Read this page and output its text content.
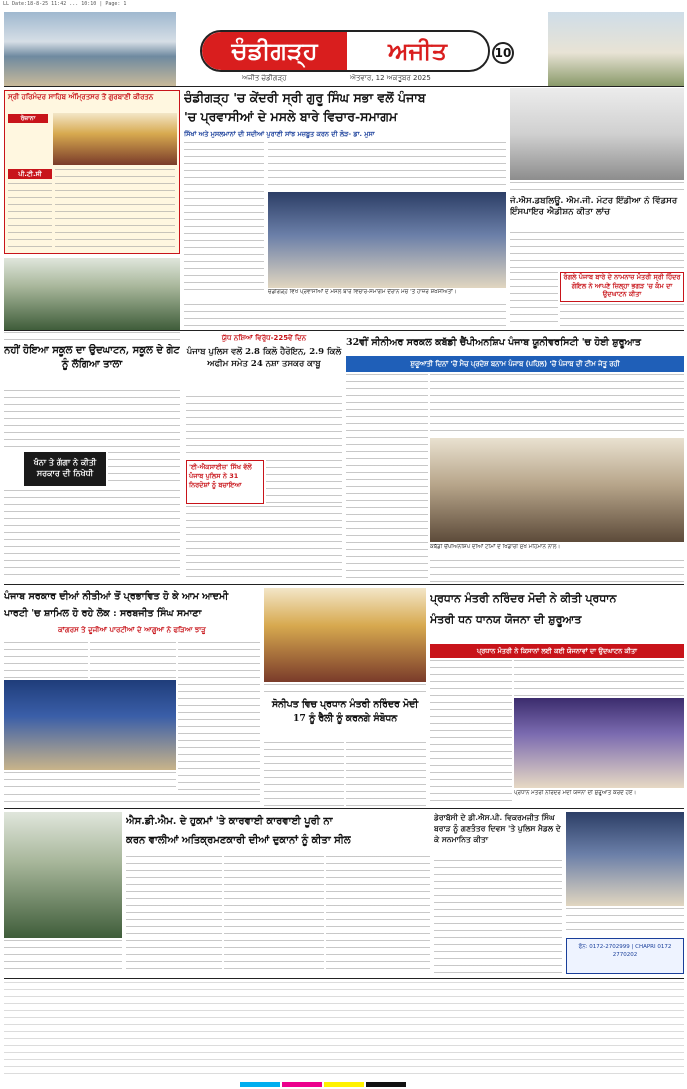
LL Date:18-8-25 11:42 ... 10:10 | Page: 1
ਚੰਡੀਗੜ੍ਹ	ਅਜੀਤ	10
ਅਜੀਤ ਚੰਡੀਗੜ੍ਹ	ਐਤਵਾਰ, 12 ਅਕਤੂਬਰ 2025
ਸ੍ਰੀ ਹਰਿਮੰਦਰ ਸਾਹਿਬ ਅੰਮ੍ਰਿਤਸਰ ਤੋਂ ਗੁਰਬਾਣੀ ਕੀਰਤਨ
ਰੋਜ਼ਾਨਾ
ਪੀ.ਟੀ.ਸੀ
ਚੰਡੀਗੜ੍ਹ 'ਚ ਕੇਂਦਰੀ ਸ੍ਰੀ ਗੁਰੂ ਸਿੰਘ ਸਭਾ ਵਲੋਂ ਪੰਜਾਬ
'ਚ ਪ੍ਰਵਾਸੀਆਂ ਦੇ ਮਸਲੇ ਬਾਰੇ ਵਿਚਾਰ-ਸਮਾਗਮ
ਸਿੱਖਾਂ ਅਤੇ ਮੁਸਲਮਾਨਾਂ ਦੀ ਸਦੀਆਂ ਪੁਰਾਣੀ ਸਾਂਝ ਮਜ਼ਬੂਤ ਕਰਨ ਦੀ ਲੋੜ- ਡਾ. ਮੁਸਾ
ਚੰਡੀਗੜ੍ਹ ਵਿਖੇ ਪ੍ਰਵਾਸੀਆਂ ਦੇ ਮਸਲੇ ਬਾਰੇ ਵਿਚਾਰ-ਸਮਾਗਮ ਦੌਰਾਨ ਮੰਚ 'ਤੇ ਹਾਜ਼ਰ ਸ਼ਖ਼ਸੀਅਤਾਂ।
ਜੇ.ਐਸ.ਡਬਲਿਊ. ਐਮ.ਜੀ. ਮੋਟਰ ਇੰਡੀਆ ਨੇ ਵਿੰਡਸਰ ਇੰਸਪਾਇਰ ਐਡੀਸ਼ਨ ਕੀਤਾ ਲਾਂਚ
ਰੰਗਲੇ ਪੰਜਾਬ ਬਾਰੇ ਦੇ ਨਾਮਨਾਜ਼ ਮੰਤਰੀ ਸ੍ਰੀ ਹਿੰਦਰ ਗੋਇਲ ਨੇ ਆਪਣੇ ਜ਼ਿਲ੍ਹਾ ਭਗੜ 'ਚ ਕੰਮ ਦਾ ਉਦਘਾਟਨ ਕੀਤਾ
ਨਹੀਂ ਹੋਇਆ ਸਕੂਲ ਦਾ ਉਦਘਾਟਨ, ਸਕੂਲ ਦੇ ਗੇਟ ਨੂੰ ਲੱਗਿਆ ਤਾਲਾ
ਖੰਨਾ ਤੇ ਗੱਗਾ ਨੇ ਕੀਤੀ ਸਰਕਾਰ ਦੀ ਨਿਖੇਧੀ
ਯੁੱਧ ਨਸ਼ਿਆਂ ਵਿਰੁੱਧ-225ਵੇਂ ਦਿਨ
ਪੰਜਾਬ ਪੁਲਿਸ ਵਲੋਂ 2.8 ਕਿਲੋ ਹੈਰੋਇਨ, 2.9 ਕਿਲੋ ਅਫੀਮ ਸਮੇਤ 24 ਨਸ਼ਾ ਤਸਕਰ ਕਾਬੂ
'ਈ-ਐਕਸਾਈਜ਼' ਸਿੱਖ ਵੱਲੋਂ ਪੰਜਾਬ ਪੁਲਿਸ ਨੇ 31 ਨਿਰਦੋਸ਼ਾਂ ਨੂੰ ਬਚਾਇਆ
32ਵੀਂ ਸੀਨੀਅਰ ਸਰਕਲ ਕਬੱਡੀ ਚੈਂਪੀਅਨਸ਼ਿਪ ਪੰਜਾਬ ਯੂਨੀਵਰਸਿਟੀ 'ਚ ਹੋਈ ਸ਼ੁਰੂਆਤ
ਸ਼ੁਰੂਆਤੀ ਦਿਨਾਂ 'ਚੋਂ ਮੈਚ ਪ੍ਰਦੇਸ਼ ਬਨਾਮ ਪੰਜਾਬ (ਪਹਿਲ) 'ਚੋਂ ਪੰਜਾਬ ਦੀ ਟੀਮ ਜੇਤੂ ਰਹੀ
ਕਬੱਡੀ ਚੈਂਪੀਅਨਸ਼ਿਪ ਦੀਆਂ ਟੀਮਾਂ ਦੇ ਖਿਡਾਰੀ ਮੁੱਖ ਮਹਿਮਾਨ ਨਾਲ।
ਪੰਜਾਬ ਸਰਕਾਰ ਦੀਆਂ ਨੀਤੀਆਂ ਤੋਂ ਪ੍ਰਭਾਵਿਤ ਹੋ ਕੇ ਆਮ ਆਦਮੀ
ਪਾਰਟੀ 'ਚ ਸ਼ਾਮਿਲ ਹੋ ਰਹੇ ਲੋਕ : ਸਰਬਜੀਤ ਸਿੰਘ ਸਮਾਣਾ
ਕਾਂਗਰਸ ਤੇ ਦੂਜੀਆਂ ਪਾਰਟੀਆਂ ਦੇ ਆਗੂਆਂ ਨੇ ਫੜਿਆ ਝਾੜੂ
ਸੋਨੀਪਤ ਵਿਚ ਪ੍ਰਧਾਨ ਮੰਤਰੀ ਨਰਿੰਦਰ ਮੋਦੀ 17 ਨੂੰ ਰੈਲੀ ਨੂੰ ਕਰਨਗੇ ਸੰਬੋਧਨ
ਪ੍ਰਧਾਨ ਮੰਤਰੀ ਨਰਿੰਦਰ ਮੋਦੀ ਨੇ ਕੀਤੀ ਪ੍ਰਧਾਨ
ਮੰਤਰੀ ਧਨ ਧਾਨਯ ਯੋਜਨਾ ਦੀ ਸ਼ੁਰੂਆਤ
ਪ੍ਰਧਾਨ ਮੰਤਰੀ ਨੇ ਕਿਸਾਨਾਂ ਲਈ ਕਈ ਯੋਜਨਾਵਾਂ ਦਾ ਉਦਘਾਟਨ ਕੀਤਾ
ਪ੍ਰਧਾਨ ਮੰਤਰੀ ਨਰਿੰਦਰ ਮੋਦੀ ਯੋਜਨਾ ਦੀ ਸ਼ੁਰੂਆਤ ਕਰਦੇ ਹੋਏ।
ਐਸ.ਡੀ.ਐਮ. ਦੇ ਹੁਕਮਾਂ 'ਤੇ ਕਾਰਵਾਈ ਕਾਰਵਾਈ ਪੂਰੀ ਨਾ
ਕਰਨ ਵਾਲੀਆਂ ਅਤਿਕ੍ਰਮਣਕਾਰੀ ਦੀਆਂ ਦੁਕਾਨਾਂ ਨੂੰ ਕੀਤਾ ਸੀਲ
ਡੇਰਾਬੱਸੀ ਦੇ ਡੀ.ਐਸ.ਪੀ. ਵਿਕਰਮਜੀਤ ਸਿੰਘ ਬਰਾੜ ਨੂੰ ਗਣਤੰਤਰ ਦਿਵਸ 'ਤੇ ਪੁਲਿਸ ਮੈਡਲ ਦੇ ਕੇ ਸਨਮਾਨਿਤ ਕੀਤਾ
ਫੋਨ: 0172-2702999 | CHAPRI 0172 2770202
